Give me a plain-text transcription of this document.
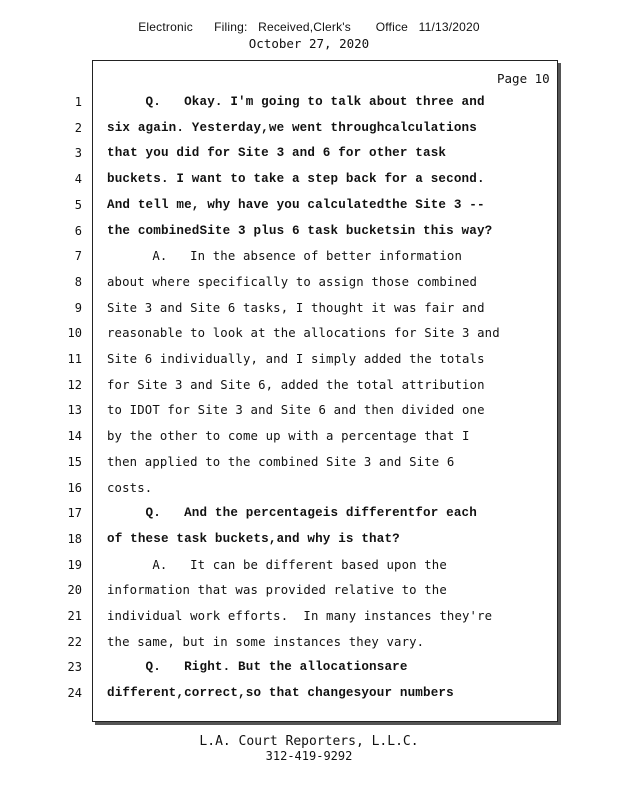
Electronic      Filing:   Received,Clerk's       Office   11/13/2020
October 27, 2020
Page 10
1 Q.   Okay. I'm going to talk about three and
2 six again. Yesterday,we went throughcalculations
3 that you did for Site 3 and 6 for other task
4 buckets. I want to take a step back for a second.
5 And tell me, why have you calculatedthe Site 3 --
6 the combinedSite 3 plus 6 task bucketsin this way?
7 A.   In the absence of better information
8 about where specifically to assign those combined
9 Site 3 and Site 6 tasks, I thought it was fair and
10 reasonable to look at the allocations for Site 3 and
11 Site 6 individually, and I simply added the totals
12 for Site 3 and Site 6, added the total attribution
13 to IDOT for Site 3 and Site 6 and then divided one
14 by the other to come up with a percentage that I
15 then applied to the combined Site 3 and Site 6
16 costs.
17 Q.   And the percentageis differentfor each
18 of these task buckets,and why is that?
19 A.   It can be different based upon the
20 information that was provided relative to the
21 individual work efforts.  In many instances they're
22 the same, but in some instances they vary.
23 Q.   Right. But the allocationsare
24 different,correct,so that changesyour numbers
L.A. Court Reporters, L.L.C.
312-419-9292
